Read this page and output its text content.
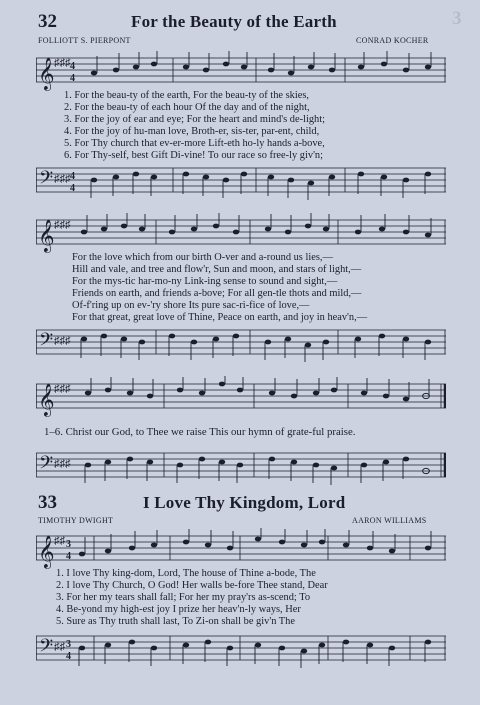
3
32	For the Beauty of the Earth
FOLLIOTT S. PIERPONT	CONRAD KOCHER
𝄞 ♯♯♯ 4
4
1. For the beau-ty of the earth, For the beau-ty of the skies,
2. For the beau-ty of each hour Of the day and of the night,
3. For the joy of ear and eye; For the heart and mind's de-light;
4. For the joy of hu-man love, Broth-er, sis-ter, par-ent, child,
5. For Thy church that ev-er-more Lift-eth ho-ly hands a-bove,
6. For Thy-self, best Gift Di-vine! To our race so free-ly giv'n;
𝄢 ♯♯♯ 4
4
𝄞 ♯♯♯
For the love which from our birth O-ver and a-round us lies,—
Hill and vale, and tree and flow'r, Sun and moon, and stars of light,—
For the mys-tic har-mo-ny Link-ing sense to sound and sight,—
Friends on earth, and friends a-bove; For all gen-tle thots and mild,—
Of-f'ring up on ev-'ry shore Its pure sac-ri-fice of love,—
For that great, great love of Thine, Peace on earth, and joy in heav'n,—
𝄢 ♯♯♯
𝄞 ♯♯♯
1–6. Christ our God, to Thee we raise This our hymn of grate-ful praise.
𝄢 ♯♯♯
33	I Love Thy Kingdom, Lord
TIMOTHY DWIGHT	AARON WILLIAMS
𝄞 ♯♯ 3
4
1. I love Thy king-dom, Lord, The house of Thine a-bode, The
2. I love Thy Church, O God! Her walls be-fore Thee stand, Dear
3. For her my tears shall fall; For her my pray'rs as-scend; To
4. Be-yond my high-est joy I prize her heav'n-ly ways, Her
5. Sure as Thy truth shall last, To Zi-on shall be giv'n The
𝄢 ♯♯ 3
4
